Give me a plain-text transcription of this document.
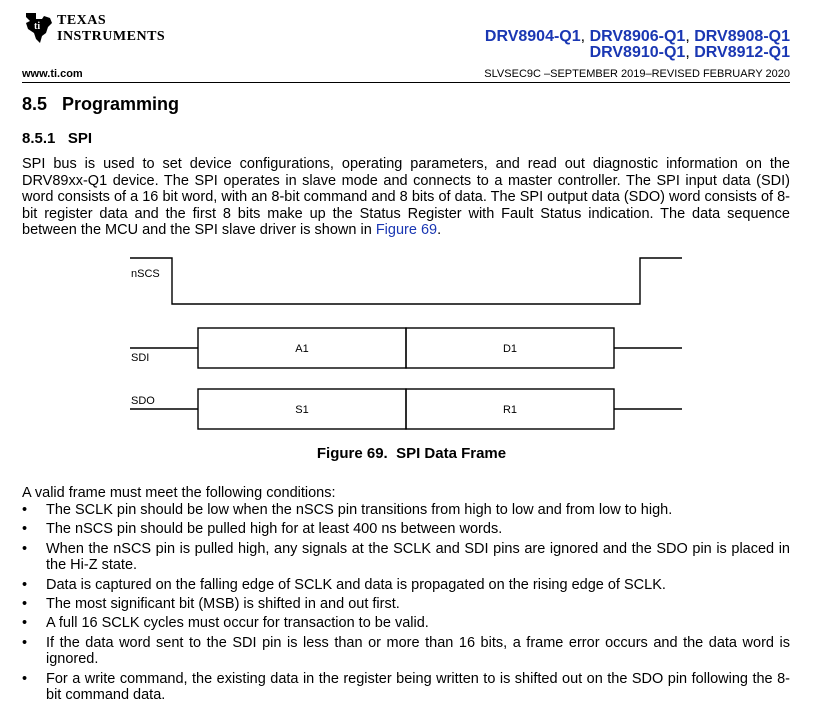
ti TEXAS
INSTRUMENTS	DRV8904-Q1, DRV8906-Q1, DRV8908-Q1
DRV8910-Q1, DRV8912-Q1
www.ti.com	SLVSEC9C –SEPTEMBER 2019–REVISED FEBRUARY 2020
8.5   Programming
8.5.1   SPI

SPI bus is used to set device configurations, operating parameters, and read out diagnostic information on the DRV89xx-Q1 device. The SPI operates in slave mode and connects to a master controller. The SPI input data (SDI) word consists of a 16 bit word, with an 8-bit command and 8 bits of data. The SPI output data (SDO) word consists of 8-bit register data and the first 8 bits make up the Status Register with Fault Status indication. The data sequence between the MCU and the SPI slave driver is shown in Figure 69.

nSCS
SDI
SDO
A1	D1
S1	R1

Figure 69.  SPI Data Frame

A valid frame must meet the following conditions:

• The SCLK pin should be low when the nSCS pin transitions from high to low and from low to high.
• The nSCS pin should be pulled high for at least 400 ns between words.
• When the nSCS pin is pulled high, any signals at the SCLK and SDI pins are ignored and the SDO pin is placed in the Hi-Z state.
• Data is captured on the falling edge of SCLK and data is propagated on the rising edge of SCLK.
• The most significant bit (MSB) is shifted in and out first.
• A full 16 SCLK cycles must occur for transaction to be valid.
• If the data word sent to the SDI pin is less than or more than 16 bits, a frame error occurs and the data word is ignored.
• For a write command, the existing data in the register being written to is shifted out on the SDO pin following the 8-bit command data.
